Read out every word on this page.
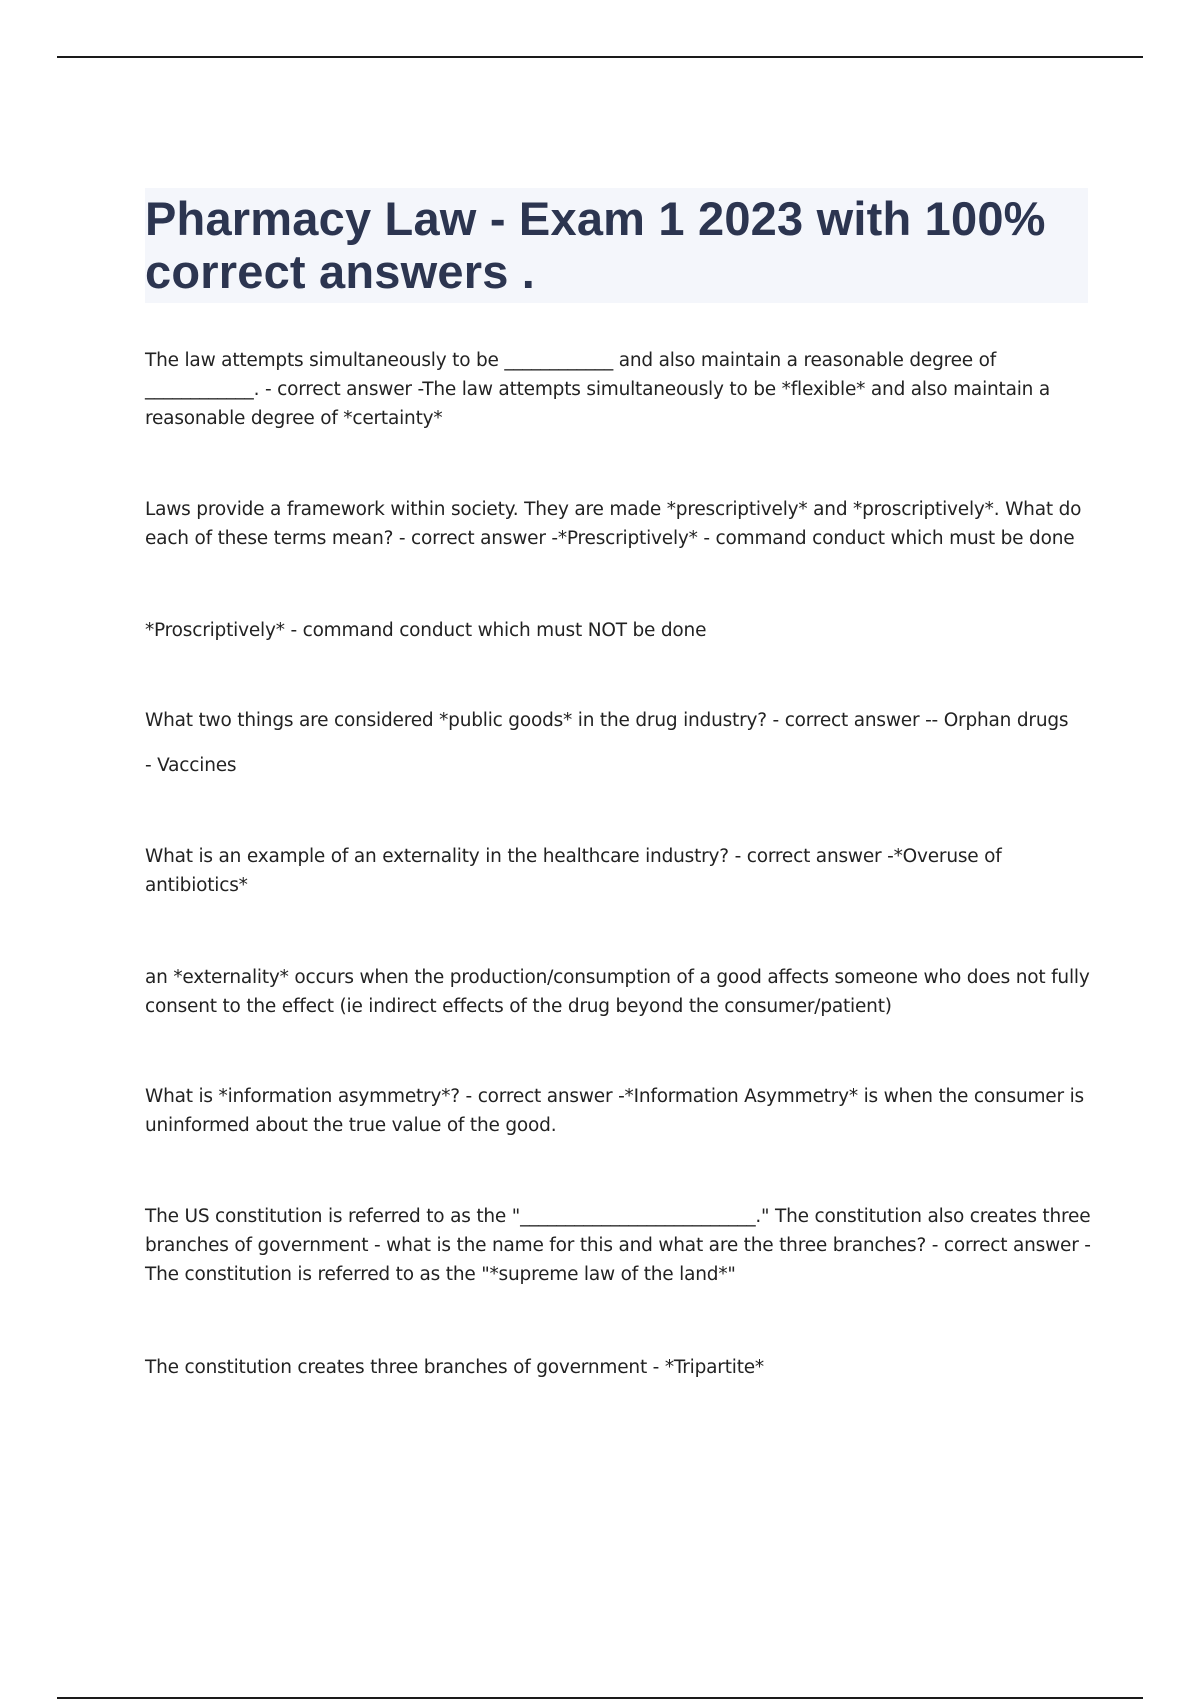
Pharmacy Law - Exam 1 2023 with 100% correct answers .

The law attempts simultaneously to be ____________ and also maintain a reasonable degree of ____________. - correct answer -The law attempts simultaneously to be *flexible* and also maintain a reasonable degree of *certainty*

Laws provide a framework within society. They are made *prescriptively* and *proscriptively*. What do each of these terms mean? - correct answer -*Prescriptively* - command conduct which must be done

*Proscriptively* - command conduct which must NOT be done

What two things are considered *public goods* in the drug industry? - correct answer -- Orphan drugs

- Vaccines

What is an example of an externality in the healthcare industry? - correct answer -*Overuse of antibiotics*

an *externality* occurs when the production/consumption of a good affects someone who does not fully consent to the effect (ie indirect effects of the drug beyond the consumer/patient)

What is *information asymmetry*? - correct answer -*Information Asymmetry* is when the consumer is uninformed about the true value of the good.

The US constitution is referred to as the "__________________________." The constitution also creates three branches of government - what is the name for this and what are the three branches? - correct answer -The constitution is referred to as the "*supreme law of the land*"

The constitution creates three branches of government - *Tripartite*
